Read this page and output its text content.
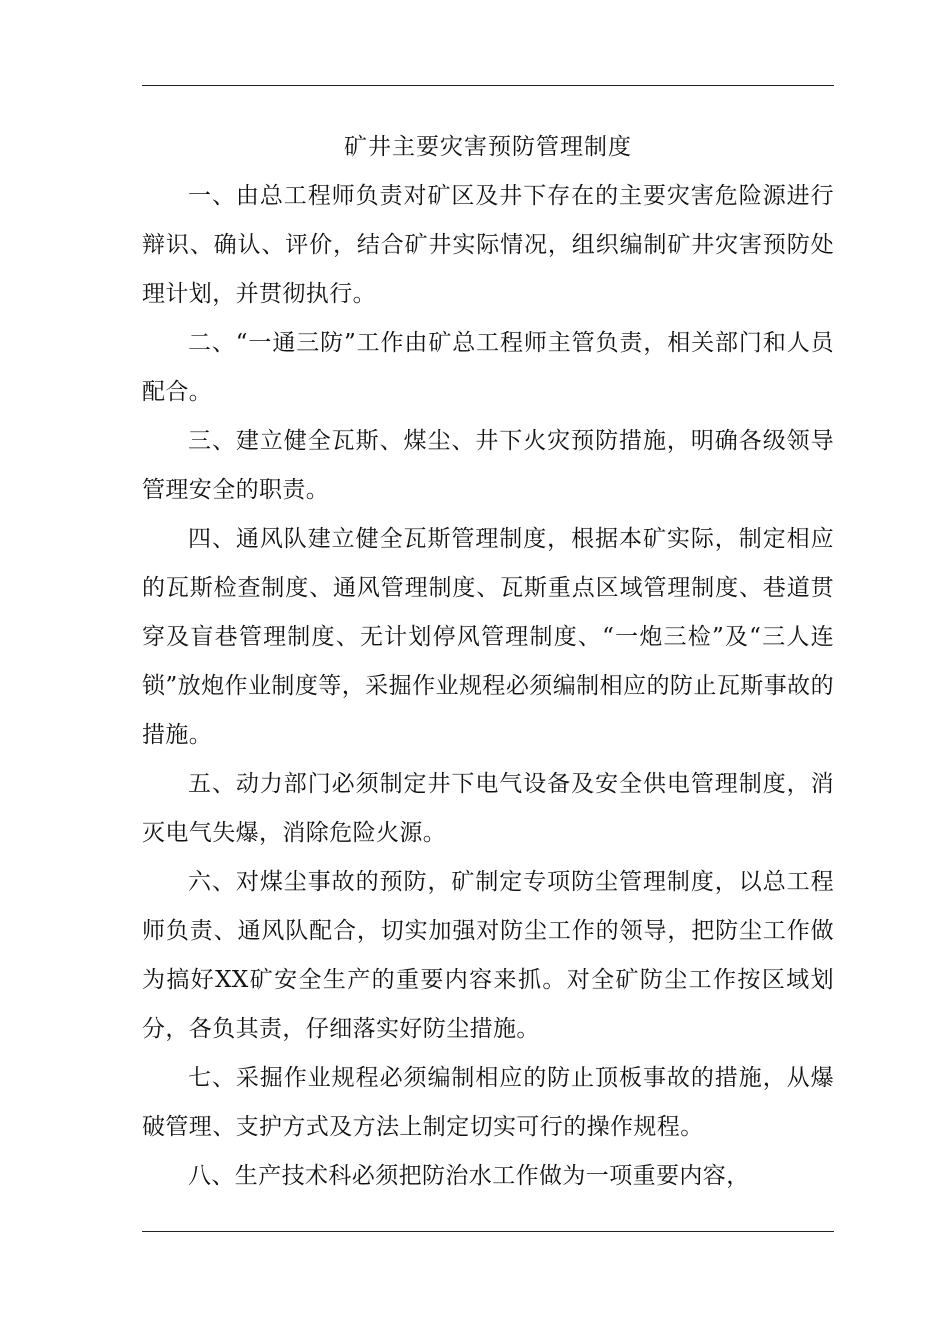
矿井主要灾害预防管理制度

一、由总工程师负责对矿区及井下存在的主要灾害危险源进行辩识、确认、评价，结合矿井实际情况，组织编制矿井灾害预防处理计划，并贯彻执行。

二、“一通三防”工作由矿总工程师主管负责，相关部门和人员配合。

三、建立健全瓦斯、煤尘、井下火灾预防措施，明确各级领导管理安全的职责。

四、通风队建立健全瓦斯管理制度，根据本矿实际，制定相应的瓦斯检查制度、通风管理制度、瓦斯重点区域管理制度、巷道贯穿及盲巷管理制度、无计划停风管理制度、“一炮三检”及“三人连锁”放炮作业制度等，采掘作业规程必须编制相应的防止瓦斯事故的措施。

五、动力部门必须制定井下电气设备及安全供电管理制度，消灭电气失爆，消除危险火源。

六、对煤尘事故的预防，矿制定专项防尘管理制度，以总工程师负责、通风队配合，切实加强对防尘工作的领导，把防尘工作做为搞好XX矿安全生产的重要内容来抓。对全矿防尘工作按区域划分，各负其责，仔细落实好防尘措施。

七、采掘作业规程必须编制相应的防止顶板事故的措施，从爆破管理、支护方式及方法上制定切实可行的操作规程。

八、生产技术科必须把防治水工作做为一项重要内容，
